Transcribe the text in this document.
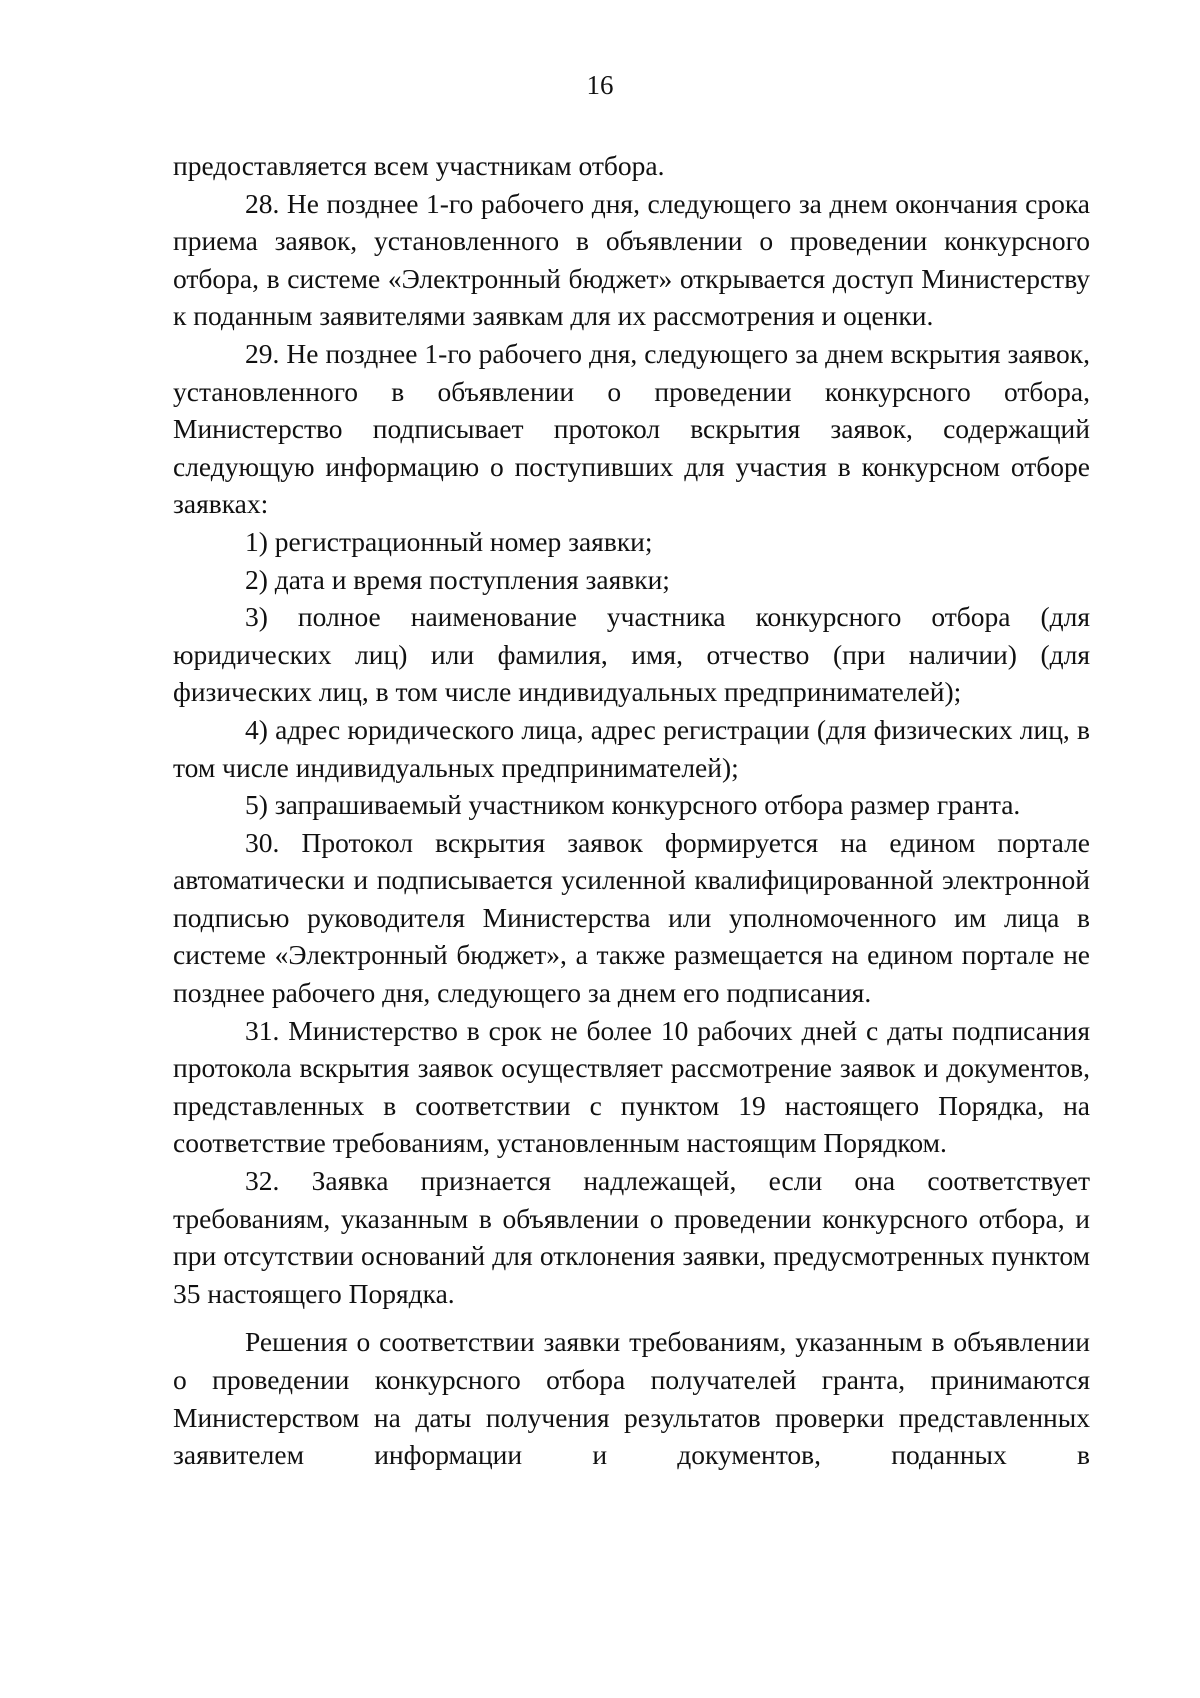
16

предоставляется всем участникам отбора.

28. Не позднее 1-го рабочего дня, следующего за днем окончания срока приема заявок, установленного в объявлении о проведении конкурсного отбора, в системе «Электронный бюджет» открывается доступ Министерству к поданным заявителями заявкам для их рассмотрения и оценки.

29. Не позднее 1-го рабочего дня, следующего за днем вскрытия заявок, установленного в объявлении о проведении конкурсного отбора, Министерство подписывает протокол вскрытия заявок, содержащий следующую информацию о поступивших для участия в конкурсном отборе заявках:

1) регистрационный номер заявки;

2) дата и время поступления заявки;

3) полное наименование участника конкурсного отбора (для юридических лиц) или фамилия, имя, отчество (при наличии) (для физических лиц, в том числе индивидуальных предпринимателей);

4) адрес юридического лица, адрес регистрации (для физических лиц, в том числе индивидуальных предпринимателей);

5) запрашиваемый участником конкурсного отбора размер гранта.

30. Протокол вскрытия заявок формируется на едином портале автоматически и подписывается усиленной квалифицированной электронной подписью руководителя Министерства или уполномоченного им лица в системе «Электронный бюджет», а также размещается на едином портале не позднее рабочего дня, следующего за днем его подписания.

31. Министерство в срок не более 10 рабочих дней с даты подписания протокола вскрытия заявок осуществляет рассмотрение заявок и документов, представленных в соответствии с пунктом 19 настоящего Порядка, на соответствие требованиям, установленным настоящим Порядком.

32. Заявка признается надлежащей, если она соответствует требованиям, указанным в объявлении о проведении конкурсного отбора, и при отсутствии оснований для отклонения заявки, предусмотренных пунктом 35 настоящего Порядка.

Решения о соответствии заявки требованиям, указанным в объявлении о проведении конкурсного отбора получателей гранта, принимаются Министерством на даты получения результатов проверки представленных заявителем информации и документов, поданных в
